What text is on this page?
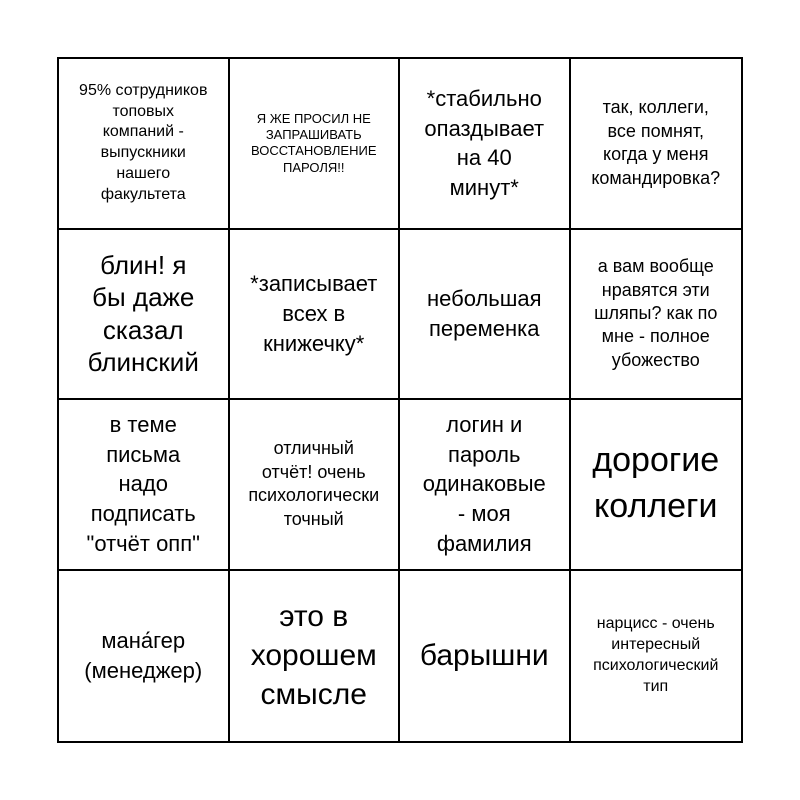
95% сотрудников
топовых
компаний -
выпускники
нашего
факультета
Я ЖЕ ПРОСИЛ НЕ
ЗАПРАШИВАТЬ
ВОССТАНОВЛЕНИЕ
ПАРОЛЯ!!
*стабильно
опаздывает
на 40
минут*
так, коллеги,
все помнят,
когда у меня
командировка?
блин! я
бы даже
сказал
блинский
*записывает
всех в
книжечку*
небольшая
переменка
а вам вообще
нравятся эти
шляпы? как по
мне - полное
убожество
в теме
письма
надо
подписать
"отчёт опп"
отличный
отчёт! очень
психологически
точный
логин и
пароль
одинаковые
- моя
фамилия
дорогие
коллеги
мана́гер
(менеджер)
это в
хорошем
смысле
барышни
нарцисс - очень
интересный
психологический
тип
